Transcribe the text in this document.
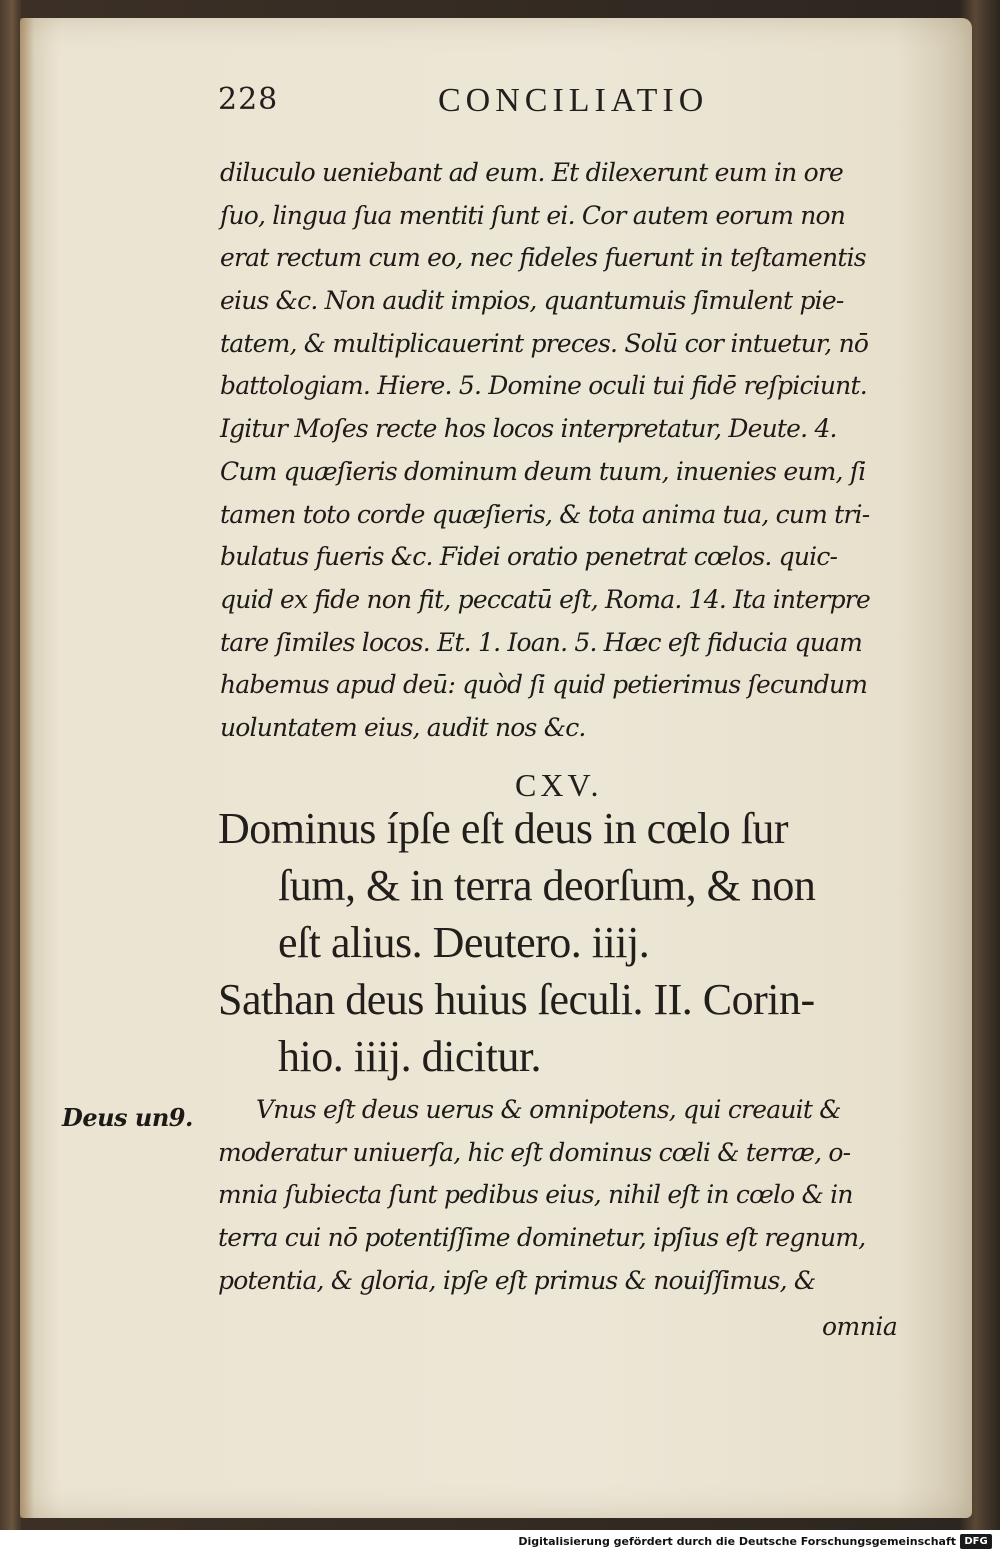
228	CONCILIATIO
diluculo ueniebant ad eum. Et dilexerunt eum in ore
ſuo, lingua ſua mentiti ſunt ei. Cor autem eorum non
erat rectum cum eo, nec fideles fuerunt in teſtamentis
eius &c. Non audit impios, quantumuis ſimulent pie‑
tatem, & multiplicauerint preces. Solū cor intuetur, nō
battologiam. Hiere. 5. Domine oculi tui fidē reſpiciunt.
Igitur Moſes recte hos locos interpretatur, Deute. 4.
Cum quæſieris dominum deum tuum, inuenies eum, ſi
tamen toto corde quæſieris, & tota anima tua, cum tri‑
bulatus fueris &c. Fidei oratio penetrat cœlos. quic‑
quid ex fide non fit, peccatū eſt, Roma. 14. Ita interpre
tare ſimiles locos. Et. 1. Ioan. 5. Hæc eſt fiducia quam
habemus apud deū: quòd ſi quid petierimus ſecundum
uoluntatem eius, audit nos &c.
CXV.
Dominus ípſe eſt deus in cœlo ſur
ſum, & in terra deorſum, & non
eſt alius. Deutero. iiij.
Sathan deus huius ſeculi. II. Corin‑
hio. iiij. dicitur.
Deus un9.	Vnus eſt deus uerus & omnipotens, qui creauit &
moderatur uniuerſa, hic eſt dominus cœli & terræ, o‑
mnia ſubiecta ſunt pedibus eius, nihil eſt in cœlo & in
terra cui nō potentiſſime dominetur, ipſius eſt regnum,
potentia, & gloria, ipſe eſt primus & nouiſſimus, &
omnia
Digitalisierung gefördert durch die Deutsche Forschungsgemeinschaft DFG
